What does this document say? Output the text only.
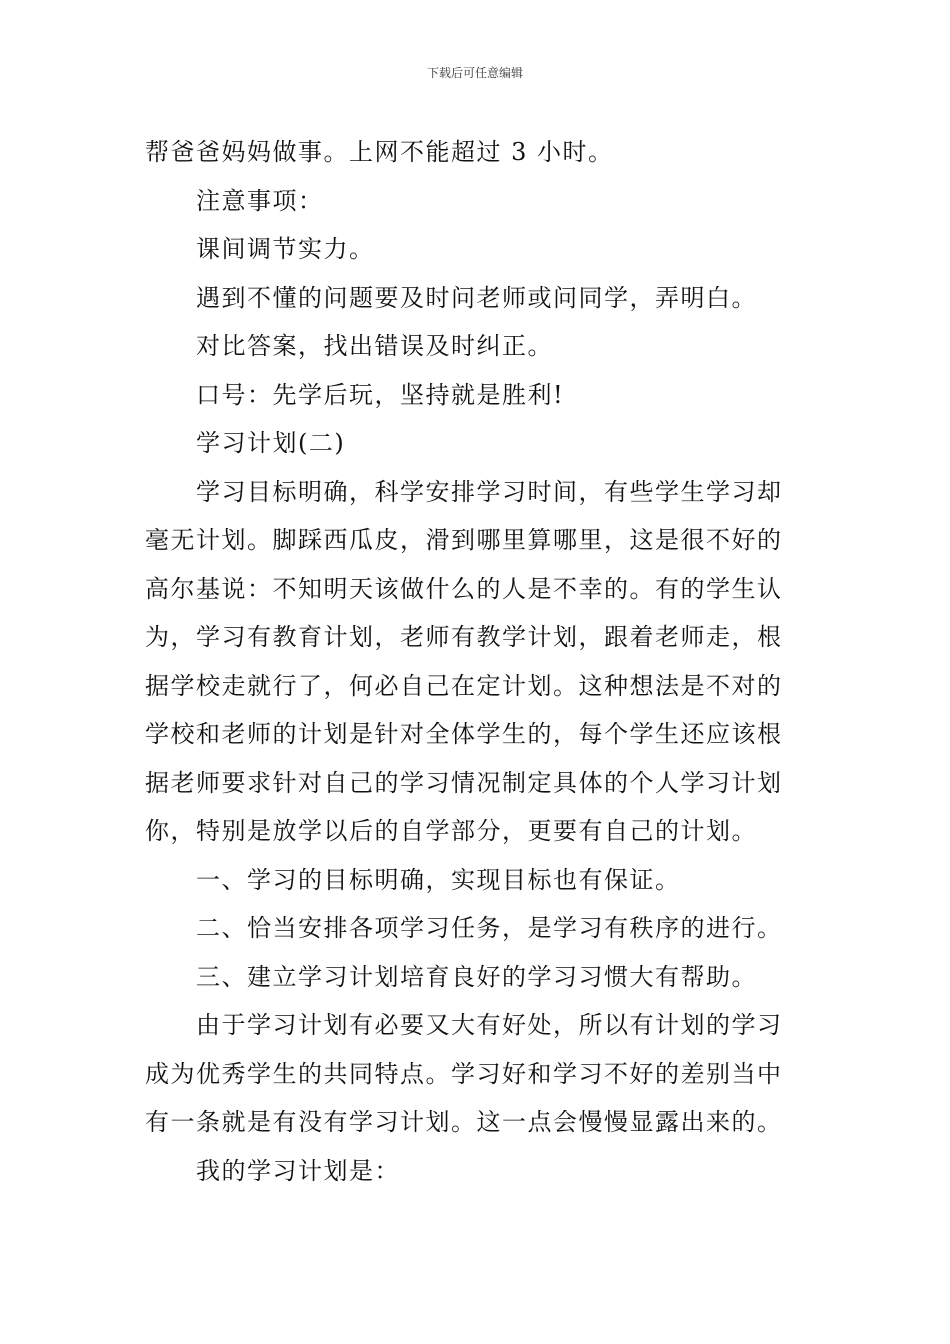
下载后可任意编辑

帮爸爸妈妈做事。上网不能超过 3 小时。

注意事项：

课间调节实力。

遇到不懂的问题要及时问老师或问同学，弄明白。

对比答案，找出错误及时纠正。

口号：先学后玩，坚持就是胜利!

学习计划(二)

学习目标明确，科学安排学习时间，有些学生学习却

毫无计划。脚踩西瓜皮，滑到哪里算哪里，这是很不好的

高尔基说：不知明天该做什么的人是不幸的。有的学生认

为，学习有教育计划，老师有教学计划，跟着老师走，根

据学校走就行了，何必自己在定计划。这种想法是不对的

学校和老师的计划是针对全体学生的，每个学生还应该根

据老师要求针对自己的学习情况制定具体的个人学习计划

你，特别是放学以后的自学部分，更要有自己的计划。

一、学习的目标明确，实现目标也有保证。

二、恰当安排各项学习任务，是学习有秩序的进行。

三、建立学习计划培育良好的学习习惯大有帮助。

由于学习计划有必要又大有好处，所以有计划的学习

成为优秀学生的共同特点。学习好和学习不好的差别当中

有一条就是有没有学习计划。这一点会慢慢显露出来的。

我的学习计划是：
